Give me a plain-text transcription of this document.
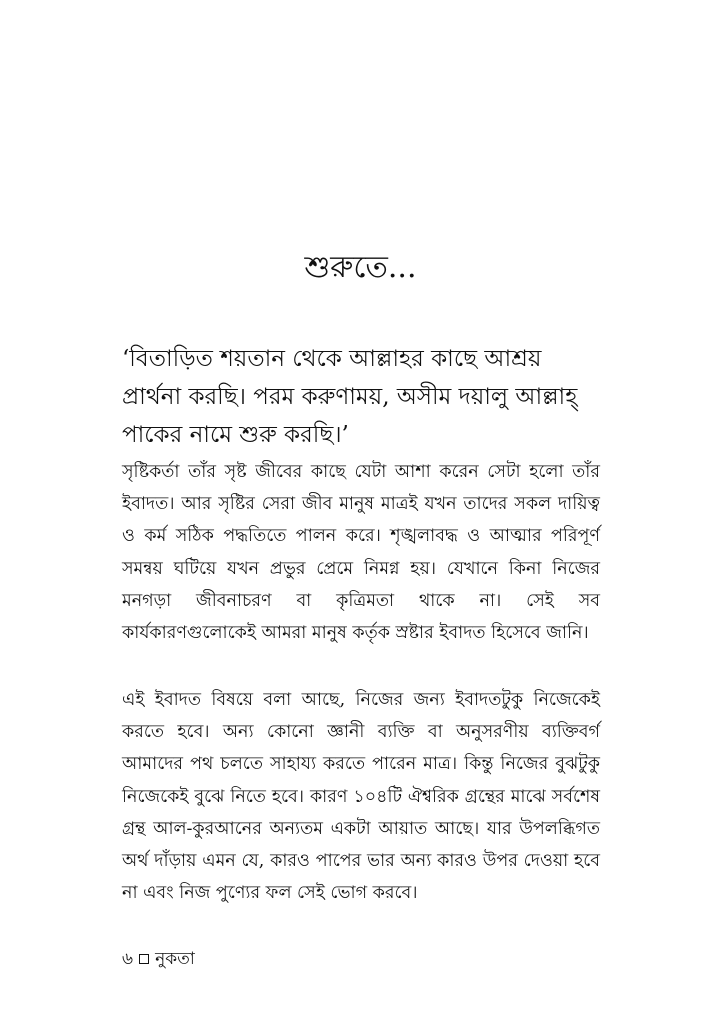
শুরুতে...

‘বিতাড়িত শয়তান থেকে আল্লাহর কাছে আশ্রয় প্রার্থনা করছি। পরম করুণাময়, অসীম দয়ালু আল্লাহ্ পাকের নামে শুরু করছি।’

সৃষ্টিকর্তা তাঁর সৃষ্ট জীবের কাছে যেটা আশা করেন সেটা হলো তাঁর ইবাদত। আর সৃষ্টির সেরা জীব মানুষ মাত্রই যখন তাদের সকল দায়িত্ব ও কর্ম সঠিক পদ্ধতিতে পালন করে। শৃঙ্খলাবদ্ধ ও আত্মার পরিপূর্ণ সমন্বয় ঘটিয়ে যখন প্রভুর প্রেমে নিমগ্ন হয়। যেখানে কিনা নিজের মনগড়া জীবনাচরণ বা কৃত্রিমতা থাকে না। সেই সব কার্যকারণগুলোকেই আমরা মানুষ কর্তৃক স্রষ্টার ইবাদত হিসেবে জানি।

এই ইবাদত বিষয়ে বলা আছে, নিজের জন্য ইবাদতটুকু নিজেকেই করতে হবে। অন্য কোনো জ্ঞানী ব্যক্তি বা অনুসরণীয় ব্যক্তিবর্গ আমাদের পথ চলতে সাহায্য করতে পারেন মাত্র। কিন্তু নিজের বুঝটুকু নিজেকেই বুঝে নিতে হবে। কারণ ১০৪টি ঐশ্বরিক গ্রন্থের মাঝে সর্বশেষ গ্রন্থ আল-কুরআনের অন্যতম একটা আয়াত আছে। যার উপলব্ধিগত অর্থ দাঁড়ায় এমন যে, কারও পাপের ভার অন্য কারও উপর দেওয়া হবে না এবং নিজ পুণ্যের ফল সেই ভোগ করবে।

৬ নুকতা
